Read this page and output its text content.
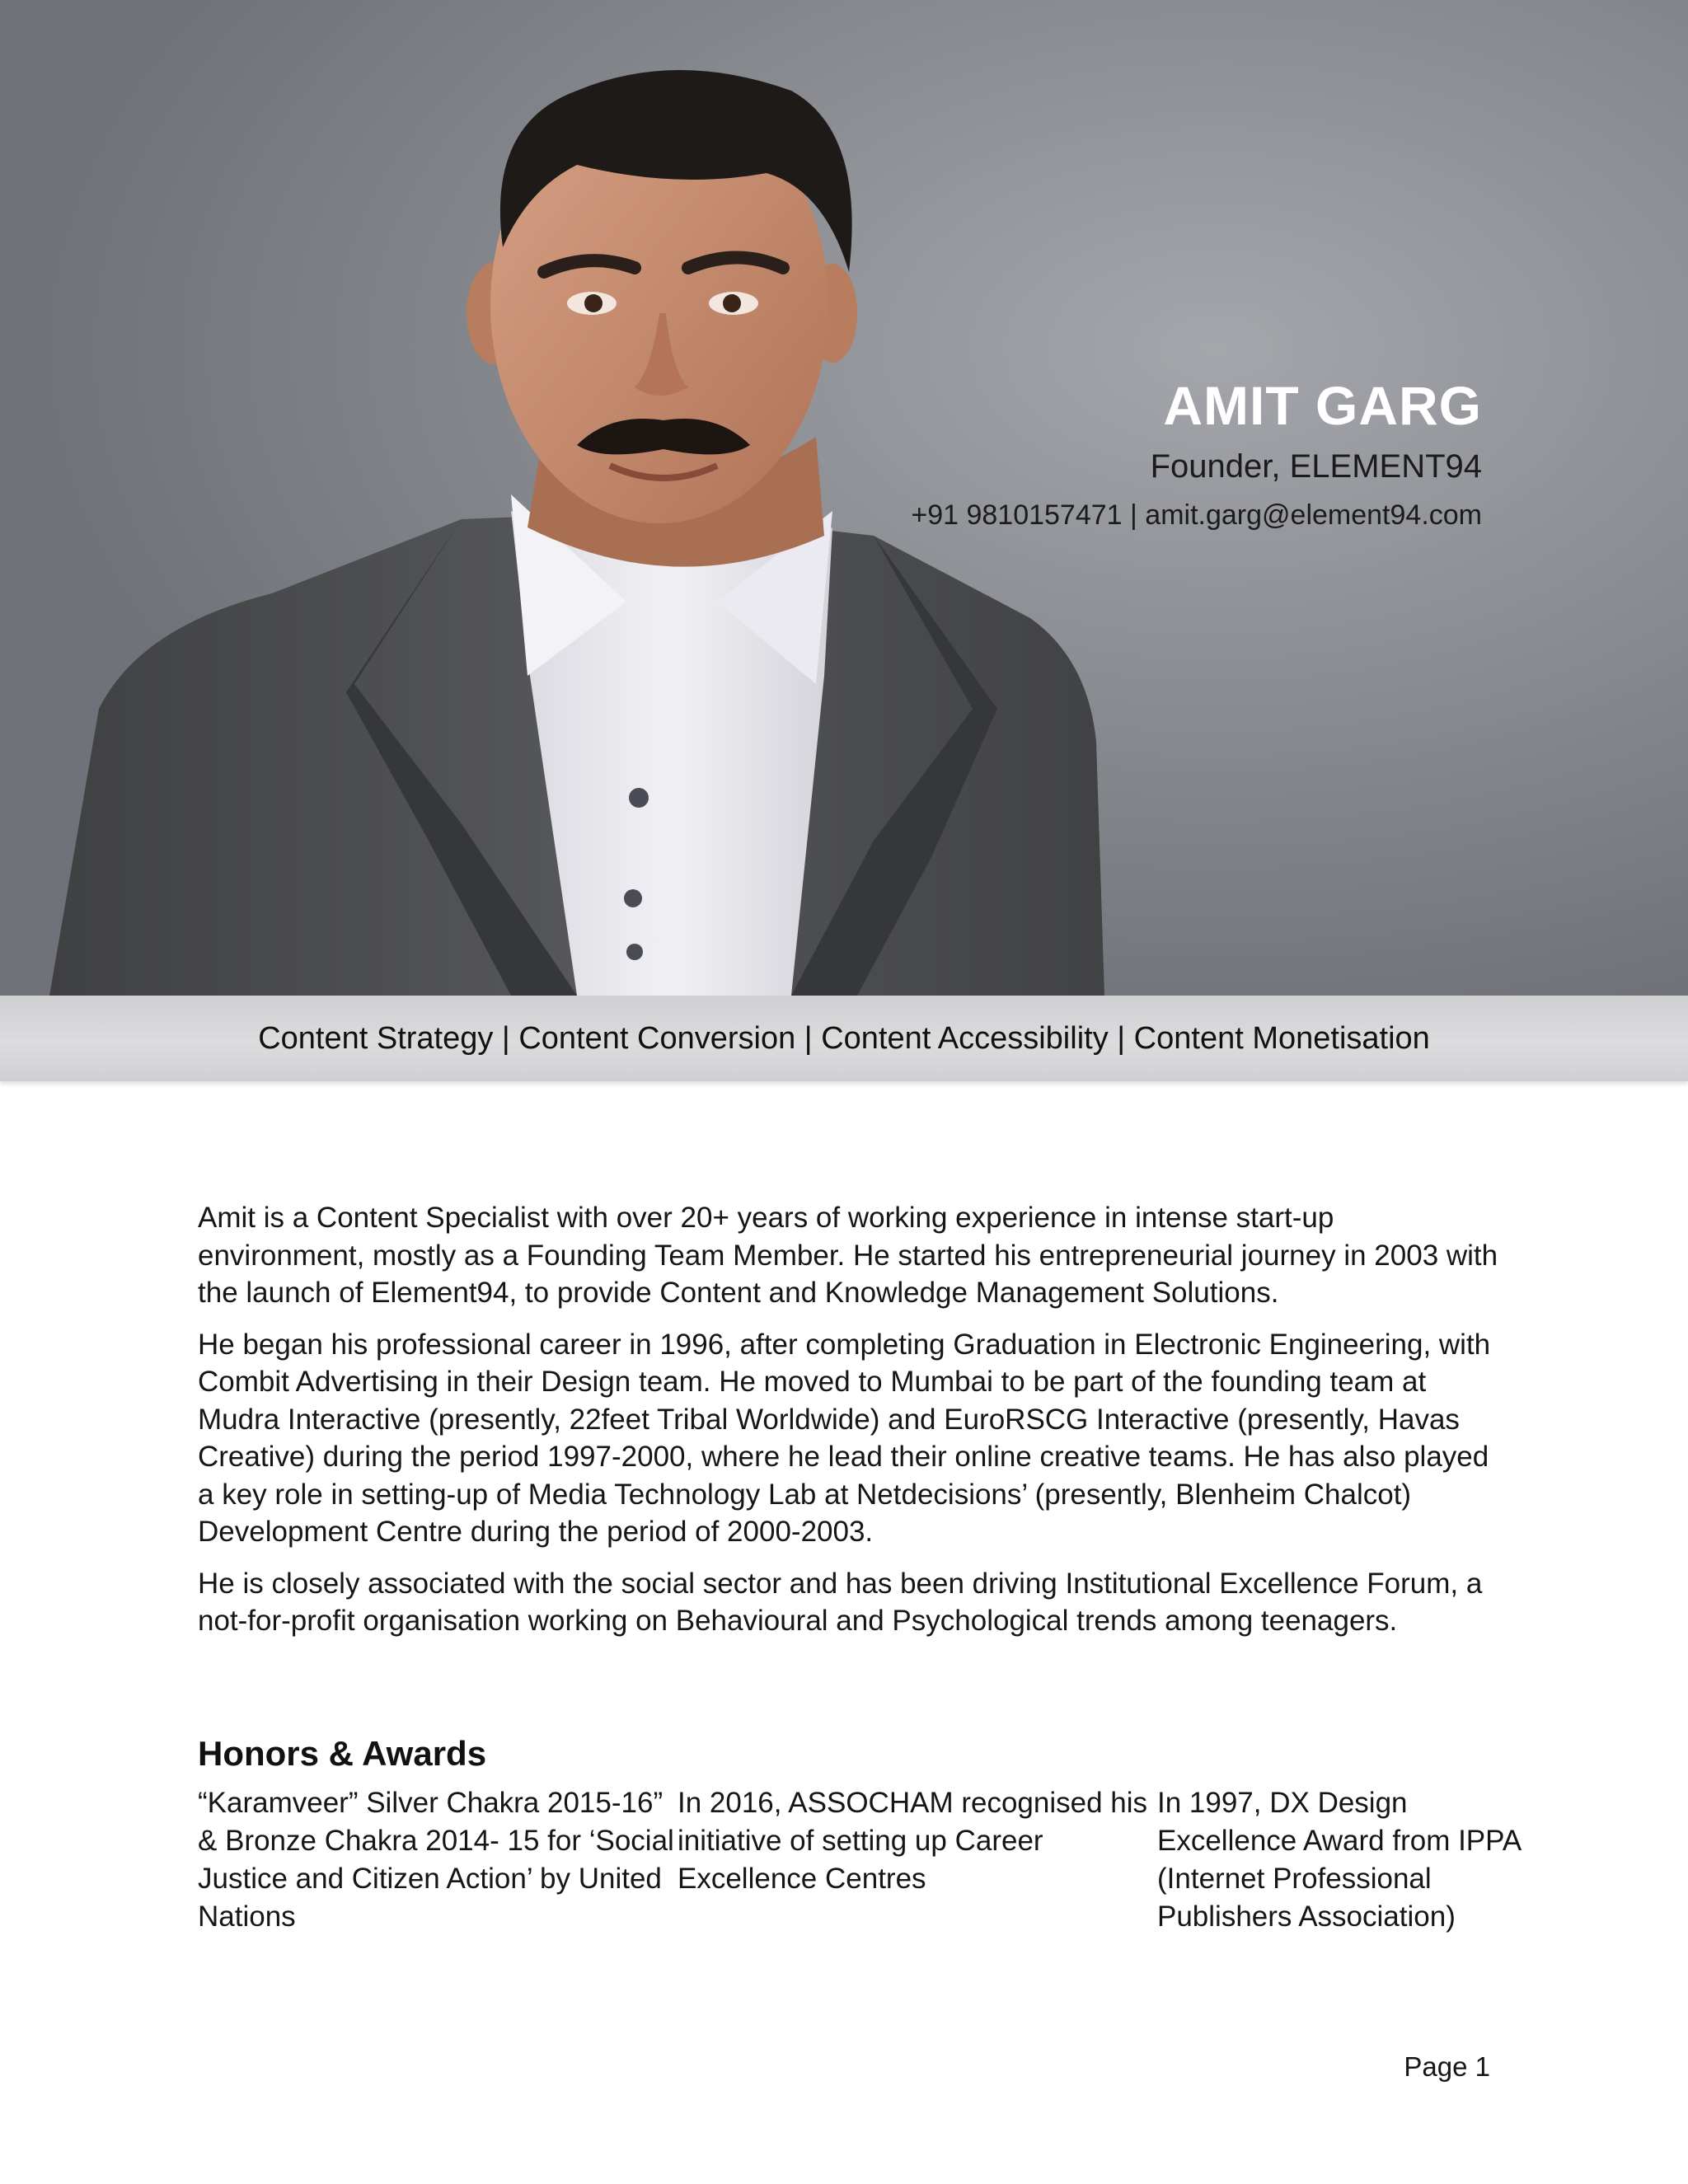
AMIT GARG
Founder, ELEMENT94
+91 9810157471 | amit.garg@element94.com
Content Strategy | Content Conversion | Content Accessibility | Content Monetisation

Amit is a Content Specialist with over 20+ years of working experience in intense start-up environment, mostly as a Founding Team Member. He started his entrepreneurial journey in 2003 with the launch of Element94, to provide Content and Knowledge Management Solutions.

He began his professional career in 1996, after completing Graduation in Electronic Engineering, with Combit Advertising in their Design team. He moved to Mumbai to be part of the founding team at Mudra Interactive (presently, 22feet Tribal Worldwide) and EuroRSCG Interactive (presently, Havas Creative) during the period 1997-2000, where he lead their online creative teams. He has also played a key role in setting-up of Media Technology Lab at Netdecisions’ (presently, Blenheim Chalcot) Development Centre during the period of 2000-2003.

He is closely associated with the social sector and has been driving Institutional Excellence Forum, a not-for-profit organisation working on Behavioural and Psychological trends among teenagers.

Honors & Awards
“Karamveer” Silver Chakra 2015-16” & Bronze Chakra 2014- 15 for ‘Social Justice and Citizen Action’ by United Nations
In 2016, ASSOCHAM recognised his initiative of setting up Career Excellence Centres
In 1997, DX Design Excellence Award from IPPA (Internet Professional Publishers Association)
Page 1
